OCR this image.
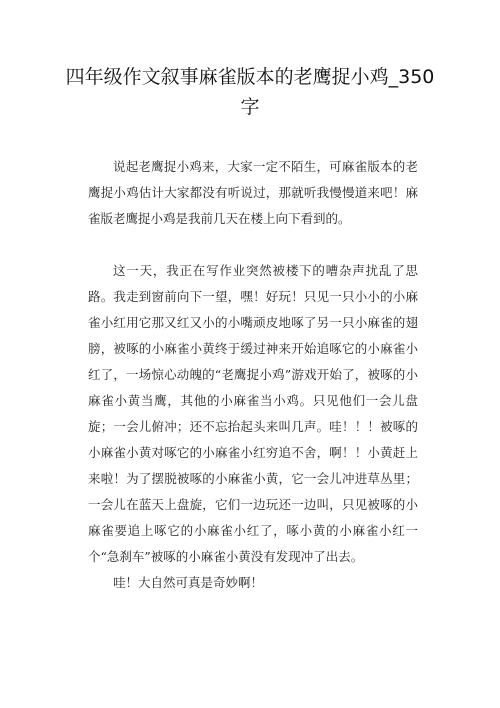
四年级作文叙事麻雀版本的老鹰捉小鸡_350 字

说起老鹰捉小鸡来，大家一定不陌生，可麻雀版本的老鹰捉小鸡估计大家都没有听说过，那就听我慢慢道来吧！麻雀版老鹰捉小鸡是我前几天在楼上向下看到的。

这一天，我正在写作业突然被楼下的嘈杂声扰乱了思路。我走到窗前向下一望，嘿！好玩！只见一只小小的小麻雀小红用它那又红又小的小嘴顽皮地啄了另一只小麻雀的翅膀，被啄的小麻雀小黄终于缓过神来开始追啄它的小麻雀小红了，一场惊心动魄的“老鹰捉小鸡”游戏开始了，被啄的小麻雀小黄当鹰，其他的小麻雀当小鸡。只见他们一会儿盘旋；一会儿俯冲；还不忘抬起头来叫几声。哇！！！被啄的小麻雀小黄对啄它的小麻雀小红穷追不舍，啊！！小黄赶上来啦！为了摆脱被啄的小麻雀小黄，它一会儿冲进草丛里；一会儿在蓝天上盘旋，它们一边玩还一边叫，只见被啄的小麻雀要追上啄它的小麻雀小红了，啄小黄的小麻雀小红一个“急刹车”被啄的小麻雀小黄没有发现冲了出去。

哇！大自然可真是奇妙啊！
